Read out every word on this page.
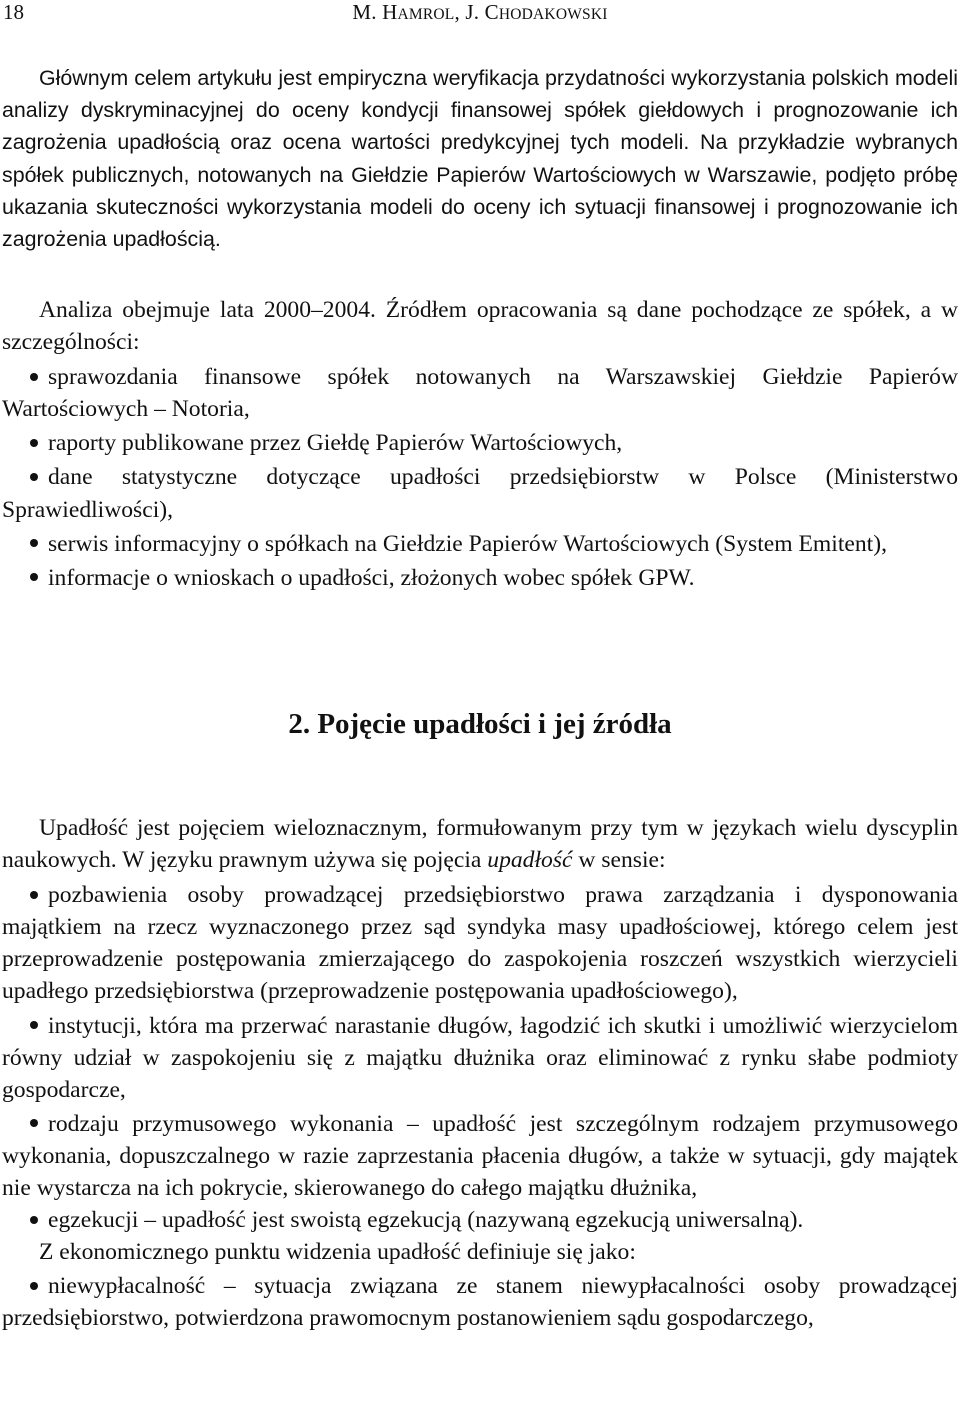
18	M. HAMROL, J. CHODAKOWSKI

Głównym celem artykułu jest empiryczna weryfikacja przydatności wykorzystania polskich modeli analizy dyskryminacyjnej do oceny kondycji finansowej spółek giełdowych i prognozowanie ich zagrożenia upadłością oraz ocena wartości predykcyjnej tych modeli. Na przykładzie wybranych spółek publicznych, notowanych na Giełdzie Papierów Wartościowych w Warszawie, podjęto próbę ukazania skuteczności wykorzystania modeli do oceny ich sytuacji finansowej i prognozowanie ich zagrożenia upadłością.

Analiza obejmuje lata 2000–2004. Źródłem opracowania są dane pochodzące ze spółek, a w szczególności:

sprawozdania finansowe spółek notowanych na Warszawskiej Giełdzie Papierów Wartościowych – Notoria,

raporty publikowane przez Giełdę Papierów Wartościowych,

dane statystyczne dotyczące upadłości przedsiębiorstw w Polsce (Ministerstwo Sprawiedliwości),

serwis informacyjny o spółkach na Giełdzie Papierów Wartościowych (System Emitent),

informacje o wnioskach o upadłości, złożonych wobec spółek GPW.

2. Pojęcie upadłości i jej źródła

Upadłość jest pojęciem wieloznacznym, formułowanym przy tym w językach wielu dyscyplin naukowych. W języku prawnym używa się pojęcia upadłość w sensie:

pozbawienia osoby prowadzącej przedsiębiorstwo prawa zarządzania i dysponowania majątkiem na rzecz wyznaczonego przez sąd syndyka masy upadłościowej, którego celem jest przeprowadzenie postępowania zmierzającego do zaspokojenia roszczeń wszystkich wierzycieli upadłego przedsiębiorstwa (przeprowadzenie postępowania upadłościowego),

instytucji, która ma przerwać narastanie długów, łagodzić ich skutki i umożliwić wierzycielom równy udział w zaspokojeniu się z majątku dłużnika oraz eliminować z rynku słabe podmioty gospodarcze,

rodzaju przymusowego wykonania – upadłość jest szczególnym rodzajem przymusowego wykonania, dopuszczalnego w razie zaprzestania płacenia długów, a także w sytuacji, gdy majątek nie wystarcza na ich pokrycie, skierowanego do całego majątku dłużnika,

egzekucji – upadłość jest swoistą egzekucją (nazywaną egzekucją uniwersalną).

Z ekonomicznego punktu widzenia upadłość definiuje się jako:

niewypłacalność – sytuacja związana ze stanem niewypłacalności osoby prowadzącej przedsiębiorstwo, potwierdzona prawomocnym postanowieniem sądu gospodarczego,
